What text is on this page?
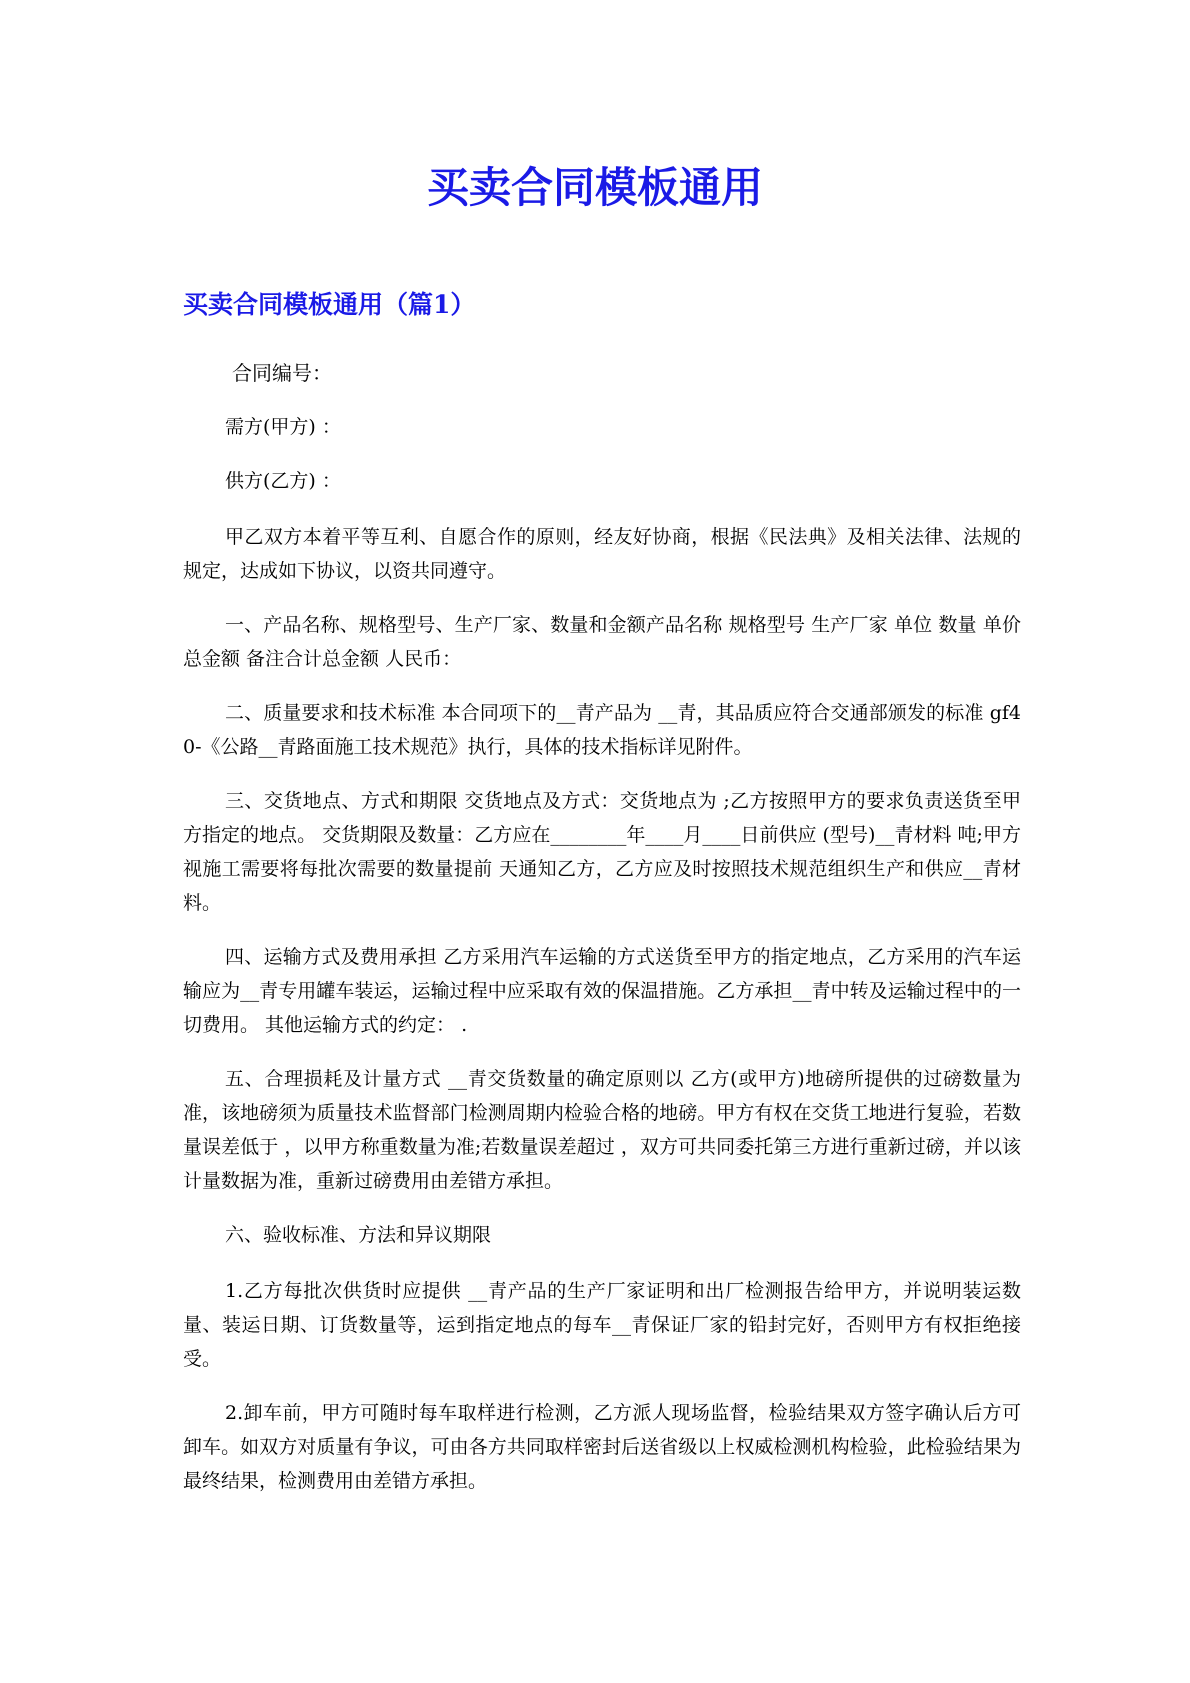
买卖合同模板通用
买卖合同模板通用（篇1）

合同编号：

需方(甲方) ：

供方(乙方) ：

甲乙双方本着平等互利、自愿合作的原则，经友好协商，根据《民法典》及相关法律、法规的规定，达成如下协议，以资共同遵守。

一、产品名称、规格型号、生产厂家、数量和金额产品名称 规格型号 生产厂家 单位 数量 单价 总金额 备注合计总金额 人民币：

二、质量要求和技术标准 本合同项下的__青产品为 __青，其品质应符合交通部颁发的标准 gf40-《公路__青路面施工技术规范》执行，具体的技术指标详见附件。

三、交货地点、方式和期限 交货地点及方式：交货地点为 ;乙方按照甲方的要求负责送货至甲方指定的地点。 交货期限及数量：乙方应在________年____月____日前供应 (型号)__青材料 吨;甲方视施工需要将每批次需要的数量提前 天通知乙方，乙方应及时按照技术规范组织生产和供应__青材料。

四、运输方式及费用承担 乙方采用汽车运输的方式送货至甲方的指定地点，乙方采用的汽车运输应为__青专用罐车装运，运输过程中应采取有效的保温措施。乙方承担__青中转及运输过程中的一切费用。 其他运输方式的约定： .

五、合理损耗及计量方式 __青交货数量的确定原则以 乙方(或甲方)地磅所提供的过磅数量为准，该地磅须为质量技术监督部门检测周期内检验合格的地磅。甲方有权在交货工地进行复验，若数量误差低于 ，以甲方称重数量为准;若数量误差超过 ，双方可共同委托第三方进行重新过磅，并以该计量数据为准，重新过磅费用由差错方承担。

六、验收标准、方法和异议期限

1.乙方每批次供货时应提供 __青产品的生产厂家证明和出厂检测报告给甲方，并说明装运数量、装运日期、订货数量等，运到指定地点的每车__青保证厂家的铅封完好，否则甲方有权拒绝接受。

2.卸车前，甲方可随时每车取样进行检测，乙方派人现场监督，检验结果双方签字确认后方可卸车。如双方对质量有争议，可由各方共同取样密封后送省级以上权威检测机构检验，此检验结果为最终结果，检测费用由差错方承担。
